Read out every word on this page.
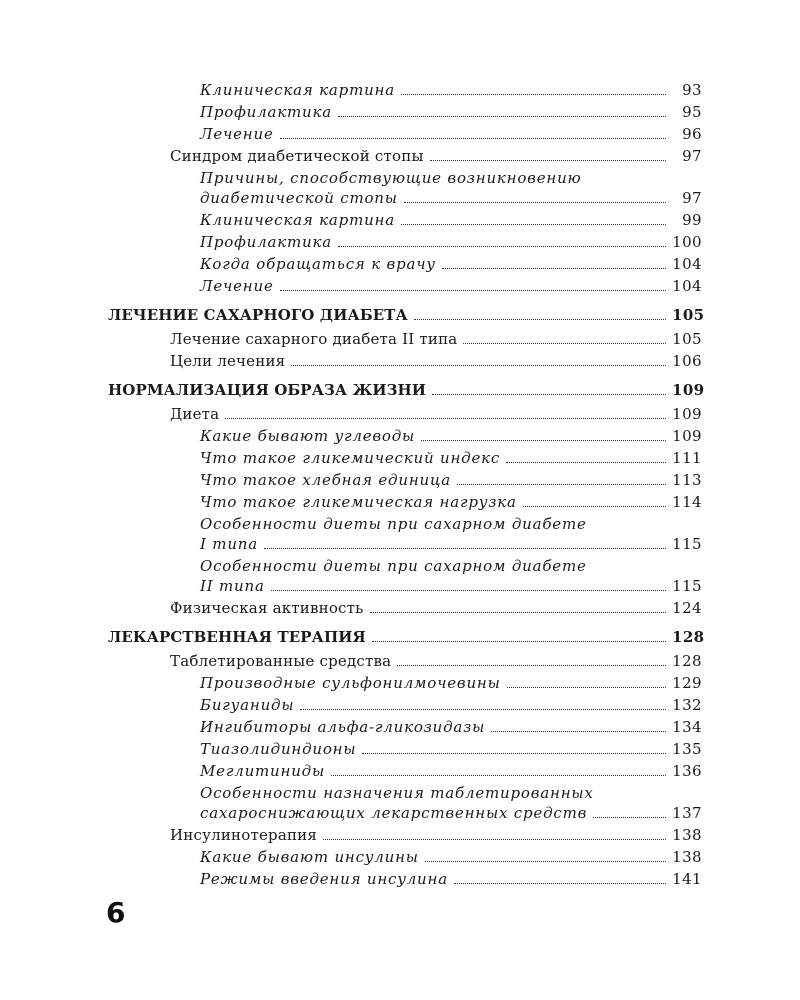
Клиническая картина	93
Профилактика	95
Лечение	96
Синдром диабетической стопы	97
Причины, способствующие возникновению
диабетической стопы	97
Клиническая картина	99
Профилактика	100
Когда обращаться к врачу	104
Лечение	104
ЛЕЧЕНИЕ САХАРНОГО ДИАБЕТА	105
Лечение сахарного диабета II типа	105
Цели лечения	106
НОРМАЛИЗАЦИЯ ОБРАЗА ЖИЗНИ	109
Диета	109
Какие бывают углеводы	109
Что такое гликемический индекс	111
Что такое хлебная единица	113
Что такое гликемическая нагрузка	114
Особенности диеты при сахарном диабете
I типа	115
Особенности диеты при сахарном диабете
II типа	115
Физическая активность	124
ЛЕКАРСТВЕННАЯ ТЕРАПИЯ	128
Таблетированные средства	128
Производные сульфонилмочевины	129
Бигуаниды	132
Ингибиторы альфа-гликозидазы	134
Тиазолидиндионы	135
Меглитиниды	136
Особенности назначения таблетированных
сахароснижающих лекарственных средств	137
Инсулинотерапия	138
Какие бывают инсулины	138
Режимы введения инсулина	141
6
